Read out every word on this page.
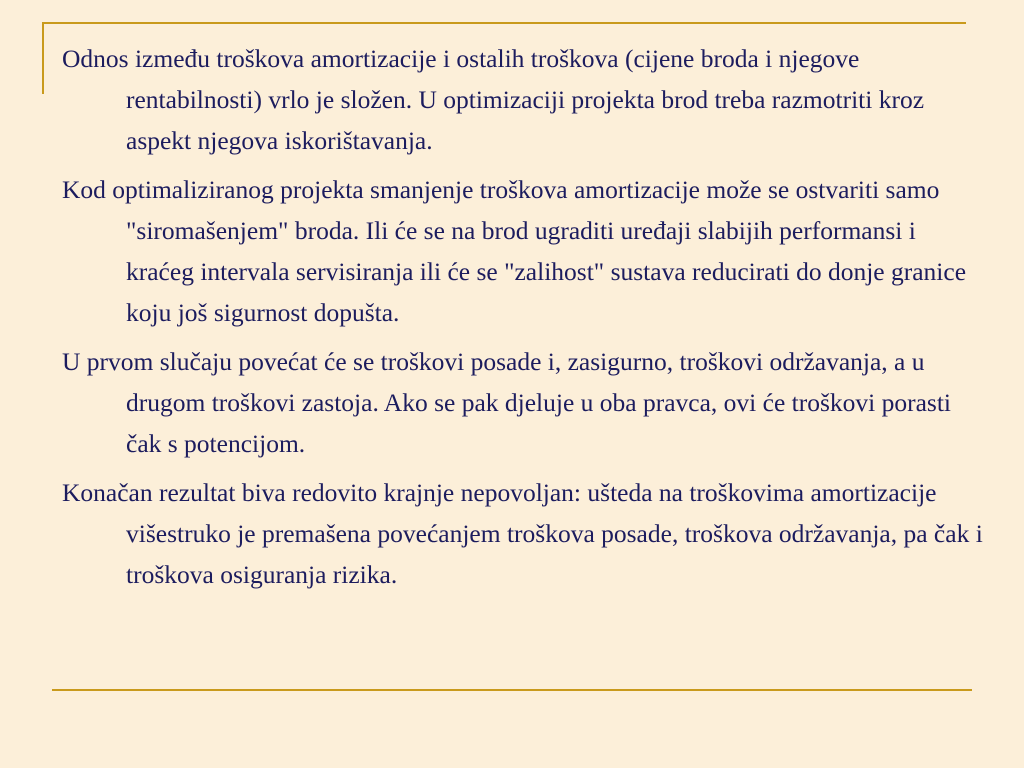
Odnos između troškova amortizacije i ostalih troškova (cijene broda i njegove rentabilnosti) vrlo je složen. U optimizaciji projekta brod treba razmotriti kroz aspekt njegova iskorištavanja.

Kod optimaliziranog projekta smanjenje troškova amortizacije može se ostvariti samo "siromašenjem" broda. Ili će se na brod ugraditi uređaji slabijih performansi i kraćeg intervala servisiranja ili će se "zalihost" sustava reducirati do donje granice koju još sigurnost dopušta.

U prvom slučaju povećat će se troškovi posade i, zasigurno, troškovi održavanja, a u drugom troškovi zastoja. Ako se pak djeluje u oba pravca, ovi će troškovi porasti čak s potencijom.

Konačan rezultat biva redovito krajnje nepovoljan: ušteda na troškovima amortizacije višestruko je premašena povećanjem troškova posade, troškova održavanja, pa čak i troškova osiguranja rizika.
